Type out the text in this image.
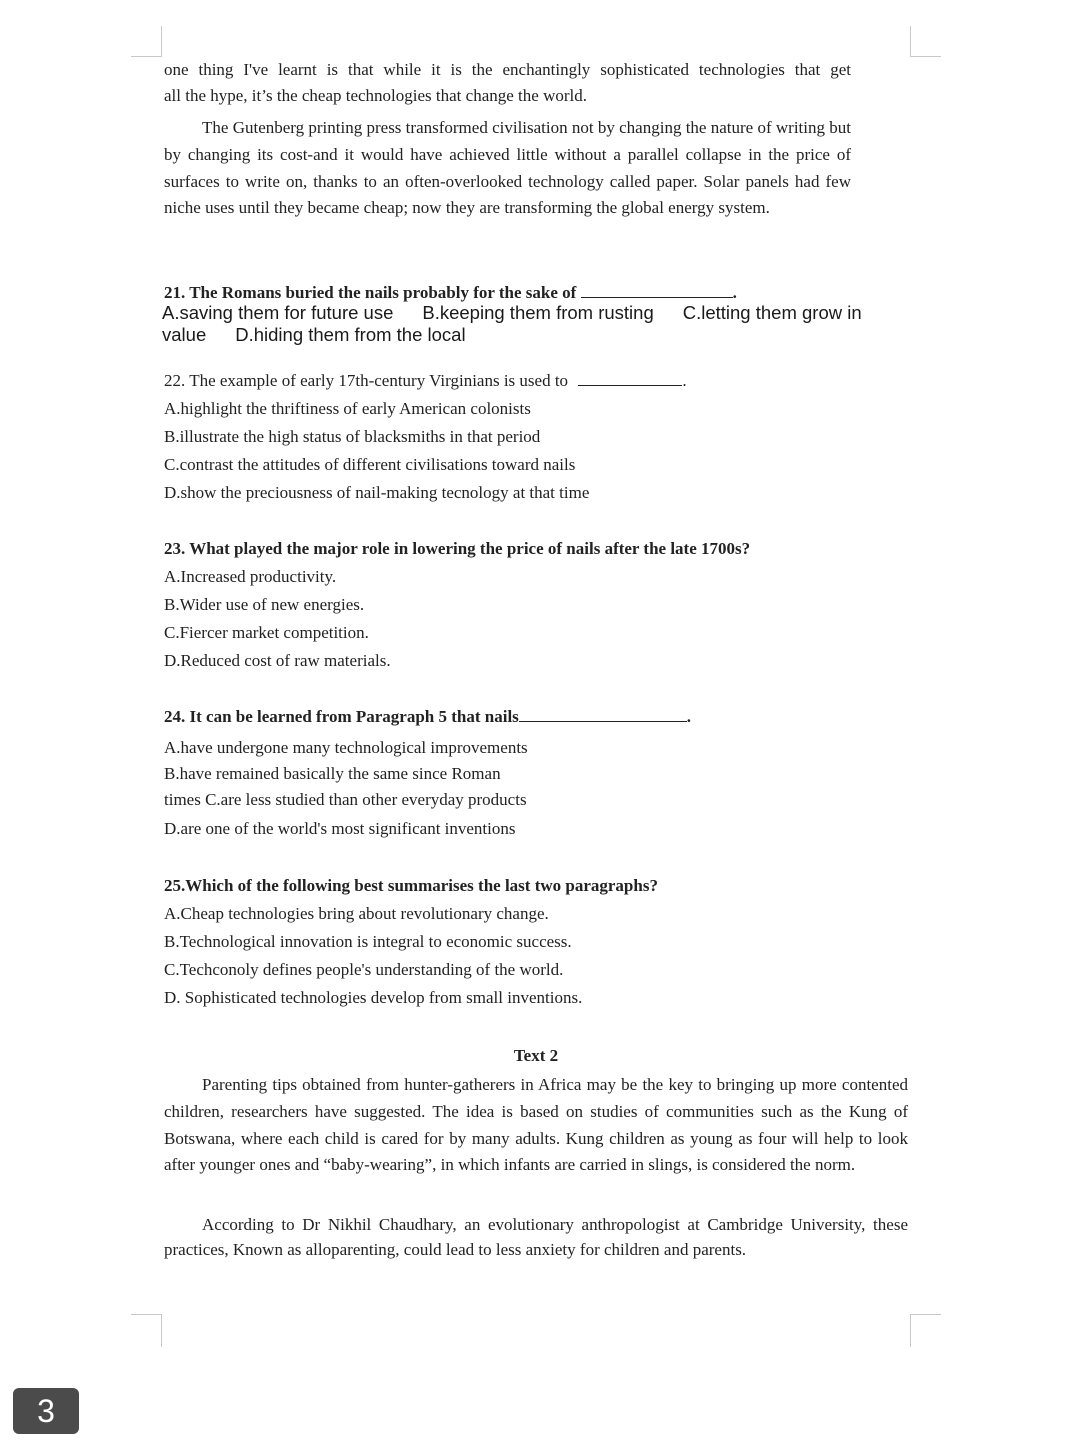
one thing I've learnt is that while it is the enchantingly sophisticated technologies that get

all the hype, it’s the cheap technologies that change the world.

The Gutenberg printing press transformed civilisation not by changing the nature of writing but by changing its cost-and it would have achieved little without a parallel collapse in the price of surfaces to write on, thanks to an often-overlooked technology called paper. Solar panels had few niche uses until they became cheap; now they are transforming the global energy system.

21. The Romans buried the nails probably for the sake of	.

A.saving them for future use B.keeping them from rusting C.letting them grow in

value D.hiding them from the local

22. The example of early 17th-century Virginians is used to	.

A.highlight the thriftiness of early American colonists

B.illustrate the high status of blacksmiths in that period

C.contrast the attitudes of different civilisations toward nails

D.show the preciousness of nail-making tecnology at that time

23. What played the major role in lowering the price of nails after the late 1700s?

A.Increased productivity.

B.Wider use of new energies.

C.Fiercer market competition.

D.Reduced cost of raw materials.

24. It can be learned from Paragraph 5 that nails	.

A.have undergone many technological improvements

B.have remained basically the same since Roman

times C.are less studied than other everyday products

D.are one of the world's most significant inventions

25.Which of the following best summarises the last two paragraphs?

A.Cheap technologies bring about revolutionary change.

B.Technological innovation is integral to economic success.

C.Techconoly defines people's understanding of the world.

D. Sophisticated technologies develop from small inventions.

Text 2

Parenting tips obtained from hunter-gatherers in Africa may be the key to bringing up more contented children, researchers have suggested. The idea is based on studies of communities such as the Kung of Botswana, where each child is cared for by many adults. Kung children as young as four will help to look after younger ones and “baby-wearing”, in which infants are carried in slings, is considered the norm.

According to Dr Nikhil Chaudhary, an evolutionary anthropologist at Cambridge University, these practices, Known as alloparenting, could lead to less anxiety for children and parents.

3
